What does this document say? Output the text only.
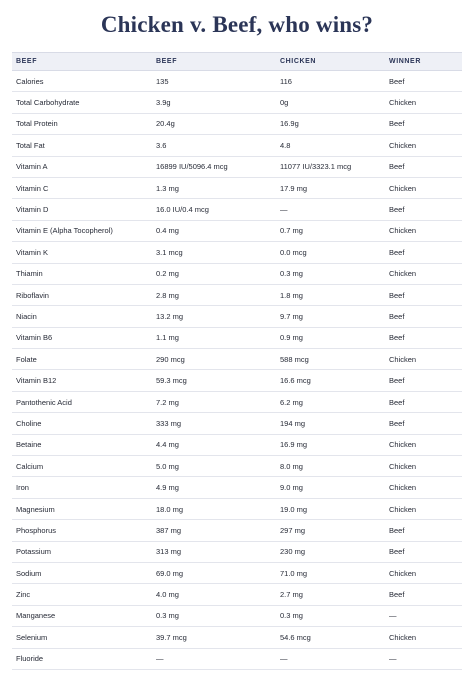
Chicken v. Beef, who wins?
BEEF	BEEF	CHICKEN	WINNER
Calories	135	116	Beef
Total Carbohydrate	3.9g	0g	Chicken
Total Protein	20.4g	16.9g	Beef
Total Fat	3.6	4.8	Chicken
Vitamin A	16899 IU/5096.4 mcg	11077 IU/3323.1 mcg	Beef
Vitamin C	1.3 mg	17.9 mg	Chicken
Vitamin D	16.0 IU/0.4 mcg	—	Beef
Vitamin E (Alpha Tocopherol)	0.4 mg	0.7 mg	Chicken
Vitamin K	3.1 mcg	0.0 mcg	Beef
Thiamin	0.2 mg	0.3 mg	Chicken
Riboflavin	2.8 mg	1.8 mg	Beef
Niacin	13.2 mg	9.7 mg	Beef
Vitamin B6	1.1 mg	0.9 mg	Beef
Folate	290 mcg	588 mcg	Chicken
Vitamin B12	59.3 mcg	16.6 mcg	Beef
Pantothenic Acid	7.2 mg	6.2 mg	Beef
Choline	333 mg	194 mg	Beef
Betaine	4.4 mg	16.9 mg	Chicken
Calcium	5.0 mg	8.0 mg	Chicken
Iron	4.9 mg	9.0 mg	Chicken
Magnesium	18.0 mg	19.0 mg	Chicken
Phosphorus	387 mg	297 mg	Beef
Potassium	313 mg	230 mg	Beef
Sodium	69.0 mg	71.0 mg	Chicken
Zinc	4.0 mg	2.7 mg	Beef
Manganese	0.3 mg	0.3 mg	—
Selenium	39.7 mcg	54.6 mcg	Chicken
Fluoride	—	—	—
